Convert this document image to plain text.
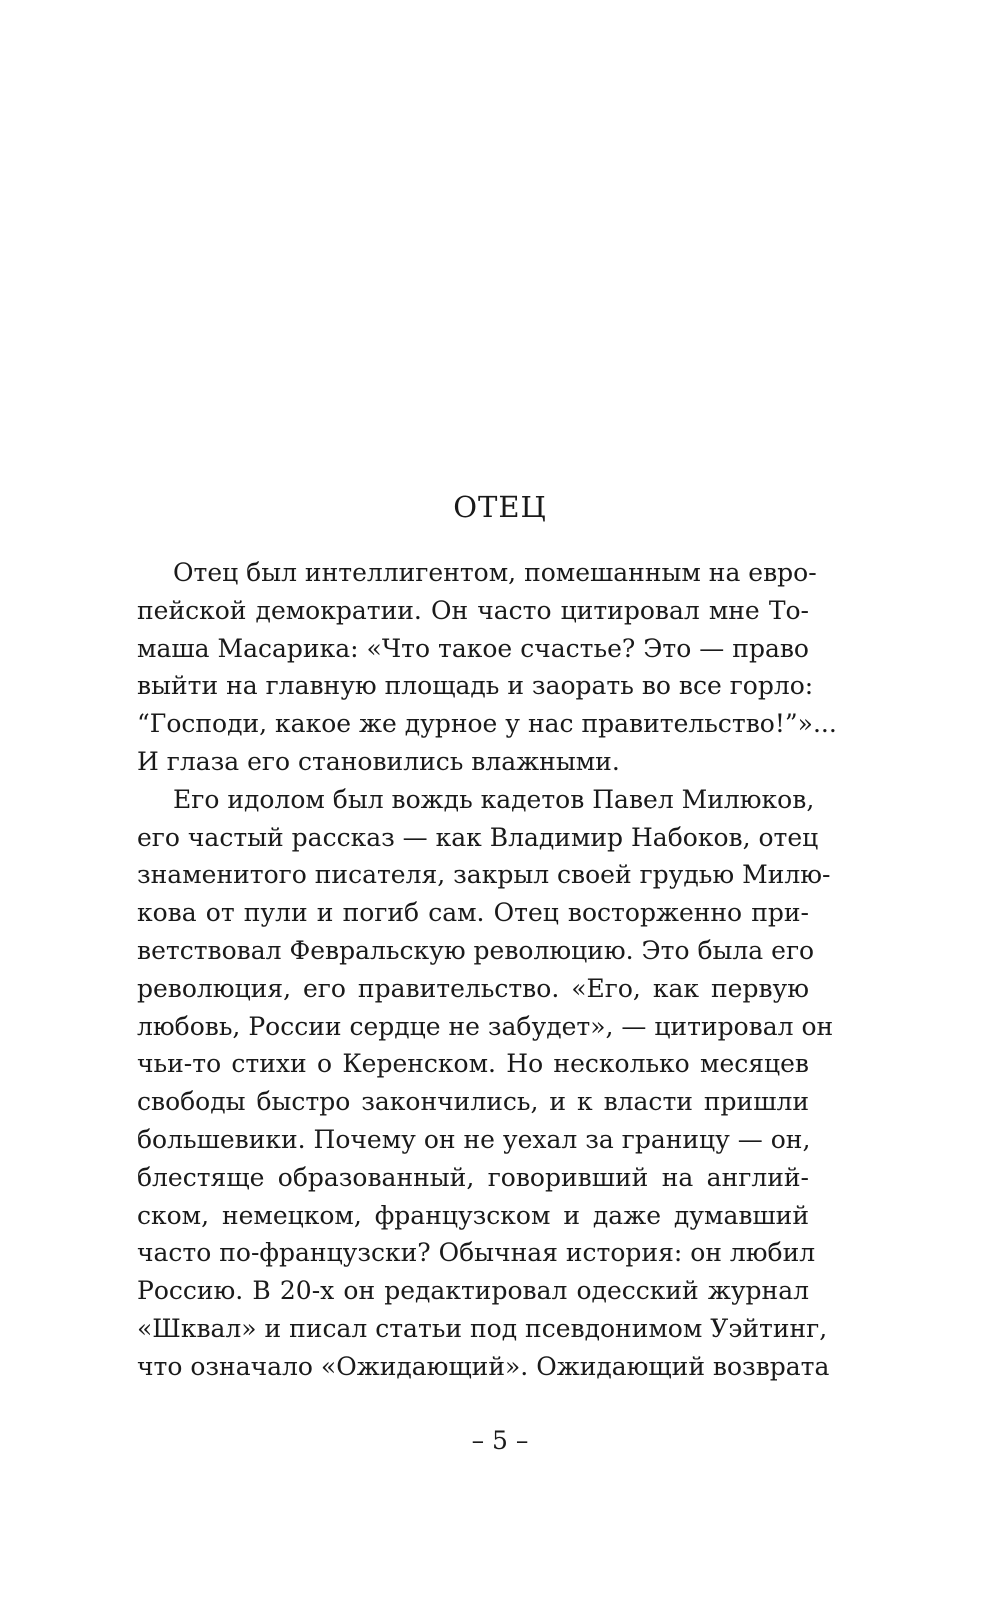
ОТЕЦ
Отец был интеллигентом, помешанным на евро-
пейской демократии. Он часто цитировал мне То-
маша Масарика: «Что такое счастье? Это — право
выйти на главную площадь и заорать во все горло:
“Господи, какое же дурное у нас правительство!”»...
И глаза его становились влажными.
Его идолом был вождь кадетов Павел Милюков,
его частый рассказ — как Владимир Набоков, отец
знаменитого писателя, закрыл своей грудью Милю-
кова от пули и погиб сам. Отец восторженно при-
ветствовал Февральскую революцию. Это была его
революция, его правительство. «Его, как первую
любовь, России сердце не забудет», — цитировал он
чьи-то стихи о Керенском. Но несколько месяцев
свободы быстро закончились, и к власти пришли
большевики. Почему он не уехал за границу — он,
блестяще образованный, говоривший на англий-
ском, немецком, французском и даже думавший
часто по-французски? Обычная история: он любил
Россию. В 20-х он редактировал одесский журнал
«Шквал» и писал статьи под псевдонимом Уэйтинг,
что означало «Ожидающий». Ожидающий возврата
– 5 –
